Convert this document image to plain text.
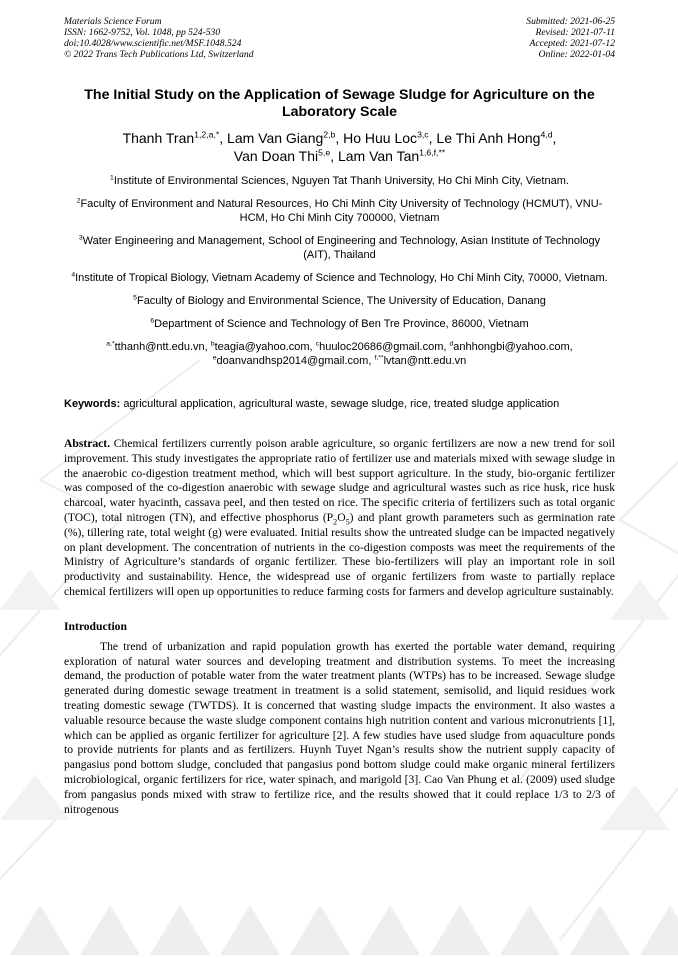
Materials Science Forum
ISSN: 1662-9752, Vol. 1048, pp 524-530
doi:10.4028/www.scientific.net/MSF.1048.524
© 2022 Trans Tech Publications Ltd, Switzerland
Submitted: 2021-06-25
Revised: 2021-07-11
Accepted: 2021-07-12
Online: 2022-01-04
The Initial Study on the Application of Sewage Sludge for Agriculture on the Laboratory Scale
Thanh Tran$^{1,2,a,*}$, Lam Van Giang$^{2,b}$, Ho Huu Loc$^{3,c}$, Le Thi Anh Hong$^{4,d}$,
Van Doan Thi$^{5,e}$, Lam Van Tan$^{1,6,f,**}$
$^1$Institute of Environmental Sciences, Nguyen Tat Thanh University, Ho Chi Minh City, Vietnam.
$^2$Faculty of Environment and Natural Resources, Ho Chi Minh City University of Technology (HCMUT), VNU-HCM, Ho Chi Minh City 700000, Vietnam
$^3$Water Engineering and Management, School of Engineering and Technology, Asian Institute of Technology (AIT), Thailand
$^4$Institute of Tropical Biology, Vietnam Academy of Science and Technology, Ho Chi Minh City, 70000, Vietnam.
$^5$Faculty of Biology and Environmental Science, The University of Education, Danang
$^6$Department of Science and Technology of Ben Tre Province, 86000, Vietnam
$^{a,*}$tthanh@ntt.edu.vn, $^b$teagia@yahoo.com, $^c$huuloc20686@gmail.com, $^d$anhhongbi@yahoo.com,
$^e$doanvandhsp2014@gmail.com, $^{f,**}$lvtan@ntt.edu.vn
Keywords: agricultural application, agricultural waste, sewage sludge, rice, treated sludge application
Abstract. Chemical fertilizers currently poison arable agriculture, so organic fertilizers are now a new trend for soil improvement. This study investigates the appropriate ratio of fertilizer use and materials mixed with sewage sludge in the anaerobic co-digestion treatment method, which will best support agriculture. In the study, bio-organic fertilizer was composed of the co-digestion anaerobic with sewage sludge and agricultural wastes such as rice husk, rice husk charcoal, water hyacinth, cassava peel, and then tested on rice. The specific criteria of fertilizers such as total organic (TOC), total nitrogen (TN), and effective phosphorus $(P_2O_5)$ and plant growth parameters such as germination rate (%), tillering rate, total weight (g) were evaluated. Initial results show the untreated sludge can be impacted negatively on plant development. The concentration of nutrients in the co-digestion composts was meet the requirements of the Ministry of Agriculture’s standards of organic fertilizer. These bio-fertilizers will play an important role in soil productivity and sustainability. Hence, the widespread use of organic fertilizers from waste to partially replace chemical fertilizers will open up opportunities to reduce farming costs for farmers and develop agriculture sustainably.
Introduction
The trend of urbanization and rapid population growth has exerted the portable water demand, requiring exploration of natural water sources and developing treatment and distribution systems. To meet the increasing demand, the production of potable water from the water treatment plants (WTPs) has to be increased. Sewage sludge generated during domestic sewage treatment in treatment is a solid statement, semisolid, and liquid residues work treating domestic sewage (TWTDS). It is concerned that wasting sludge impacts the environment. It also wastes a valuable resource because the waste sludge component contains high nutrition content and various micronutrients [1], which can be applied as organic fertilizer for agriculture [2]. A few studies have used sludge from aquaculture ponds to provide nutrients for plants and as fertilizers. Huynh Tuyet Ngan’s results show the nutrient supply capacity of pangasius pond bottom sludge, concluded that pangasius pond bottom sludge could make organic mineral fertilizers microbiological, organic fertilizers for rice, water spinach, and marigold [3]. Cao Van Phung et al. (2009) used sludge from pangasius ponds mixed with straw to fertilize rice, and the results showed that it could replace 1/3 to 2/3 of nitrogenous
